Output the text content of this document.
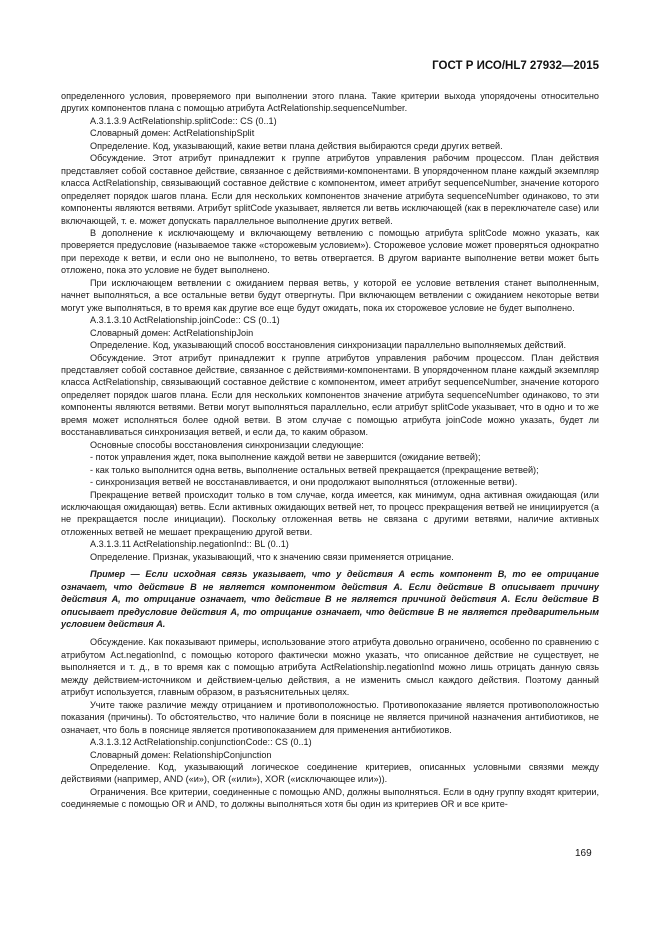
ГОСТ Р ИСО/HL7 27932—2015

определенного условия, проверяемого при выполнении этого плана. Такие критерии выхода упорядочены относительно других компонентов плана с помощью атрибута ActRelationship.sequenceNumber.

A.3.1.3.9 ActRelationship.splitCode:: CS (0..1)

Словарный домен: ActRelationshipSplit

Определение. Код, указывающий, какие ветви плана действия выбираются среди других ветвей.

Обсуждение. Этот атрибут принадлежит к группе атрибутов управления рабочим процессом. План действия представляет собой составное действие, связанное с действиями-компонентами. В упорядоченном плане каждый экземпляр класса ActRelationship, связывающий составное действие с компонентом, имеет атрибут sequenceNumber, значение которого определяет порядок шагов плана. Если для нескольких компонентов значение атрибута sequenceNumber одинаково, то эти компоненты являются ветвями. Атрибут splitCode указывает, является ли ветвь исключающей (как в переключателе case) или включающей, т. е. может допускать параллельное выполнение других ветвей.

В дополнение к исключающему и включающему ветвлению с помощью атрибута splitCode можно указать, как проверяется предусловие (называемое также «сторожевым условием»). Сторожевое условие может проверяться однократно при переходе к ветви, и если оно не выполнено, то ветвь отвергается. В другом варианте выполнение ветви может быть отложено, пока это условие не будет выполнено.

При исключающем ветвлении с ожиданием первая ветвь, у которой ее условие ветвления станет выполненным, начнет выполняться, а все остальные ветви будут отвергнуты. При включающем ветвлении с ожиданием некоторые ветви могут уже выполняться, в то время как другие все еще будут ожидать, пока их сторожевое условие не будет выполнено.

A.3.1.3.10 ActRelationship.joinCode:: CS (0..1)

Словарный домен: ActRelationshipJoin

Определение. Код, указывающий способ восстановления синхронизации параллельно выполняемых действий.

Обсуждение. Этот атрибут принадлежит к группе атрибутов управления рабочим процессом. План действия представляет собой составное действие, связанное с действиями-компонентами. В упорядоченном плане каждый экземпляр класса ActRelationship, связывающий составное действие с компонентом, имеет атрибут sequenceNumber, значение которого определяет порядок шагов плана. Если для нескольких компонентов значение атрибута sequenceNumber одинаково, то эти компоненты являются ветвями. Ветви могут выполняться параллельно, если атрибут splitCode указывает, что в одно и то же время может исполняться более одной ветви. В этом случае с помощью атрибута joinCode можно указать, будет ли восстанавливаться синхронизация ветвей, и если да, то каким образом.

Основные способы восстановления синхронизации следующие:

- поток управления ждет, пока выполнение каждой ветви не завершится (ожидание ветвей);

- как только выполнится одна ветвь, выполнение остальных ветвей прекращается (прекращение ветвей);

- синхронизация ветвей не восстанавливается, и они продолжают выполняться (отложенные ветви).

Прекращение ветвей происходит только в том случае, когда имеется, как минимум, одна активная ожидающая (или исключающая ожидающая) ветвь. Если активных ожидающих ветвей нет, то процесс прекращения ветвей не инициируется (а не прекращается после инициации). Поскольку отложенная ветвь не связана с другими ветвями, наличие активных отложенных ветвей не мешает прекращению другой ветви.

A.3.1.3.11 ActRelationship.negationInd:: BL (0..1)

Определение. Признак, указывающий, что к значению связи применяется отрицание.

Пример — Если исходная связь указывает, что у действия А есть компонент В, то ее отрицание означает, что действие В не является компонентом действия А. Если действие В описывает причину действия А, то отрицание означает, что действие В не является причиной действия А. Если действие В описывает предусловие действия А, то отрицание означает, что действие В не является предварительным условием действия А.

Обсуждение. Как показывают примеры, использование этого атрибута довольно ограничено, особенно по сравнению с атрибутом Act.negationInd, с помощью которого фактически можно указать, что описанное действие не существует, не выполняется и т. д., в то время как с помощью атрибута ActRelationship.negationInd можно лишь отрицать данную связь между действием-источником и действием-целью действия, а не изменить смысл каждого действия. Поэтому данный атрибут используется, главным образом, в разъяснительных целях.

Учите также различие между отрицанием и противоположностью. Противопоказание является противоположностью показания (причины). То обстоятельство, что наличие боли в пояснице не является причиной назначения антибиотиков, не означает, что боль в пояснице является противопоказанием для применения антибиотиков.

A.3.1.3.12 ActRelationship.conjunctionCode:: CS (0..1)

Словарный домен: RelationshipConjunction

Определение. Код, указывающий логическое соединение критериев, описанных условными связями между действиями (например, AND («и»), OR («или»), XOR («исключающее или»)).

Ограничения. Все критерии, соединенные с помощью AND, должны выполняться. Если в одну группу входят критерии, соединяемые с помощью OR и AND, то должны выполняться хотя бы один из критериев OR и все крите-

169
